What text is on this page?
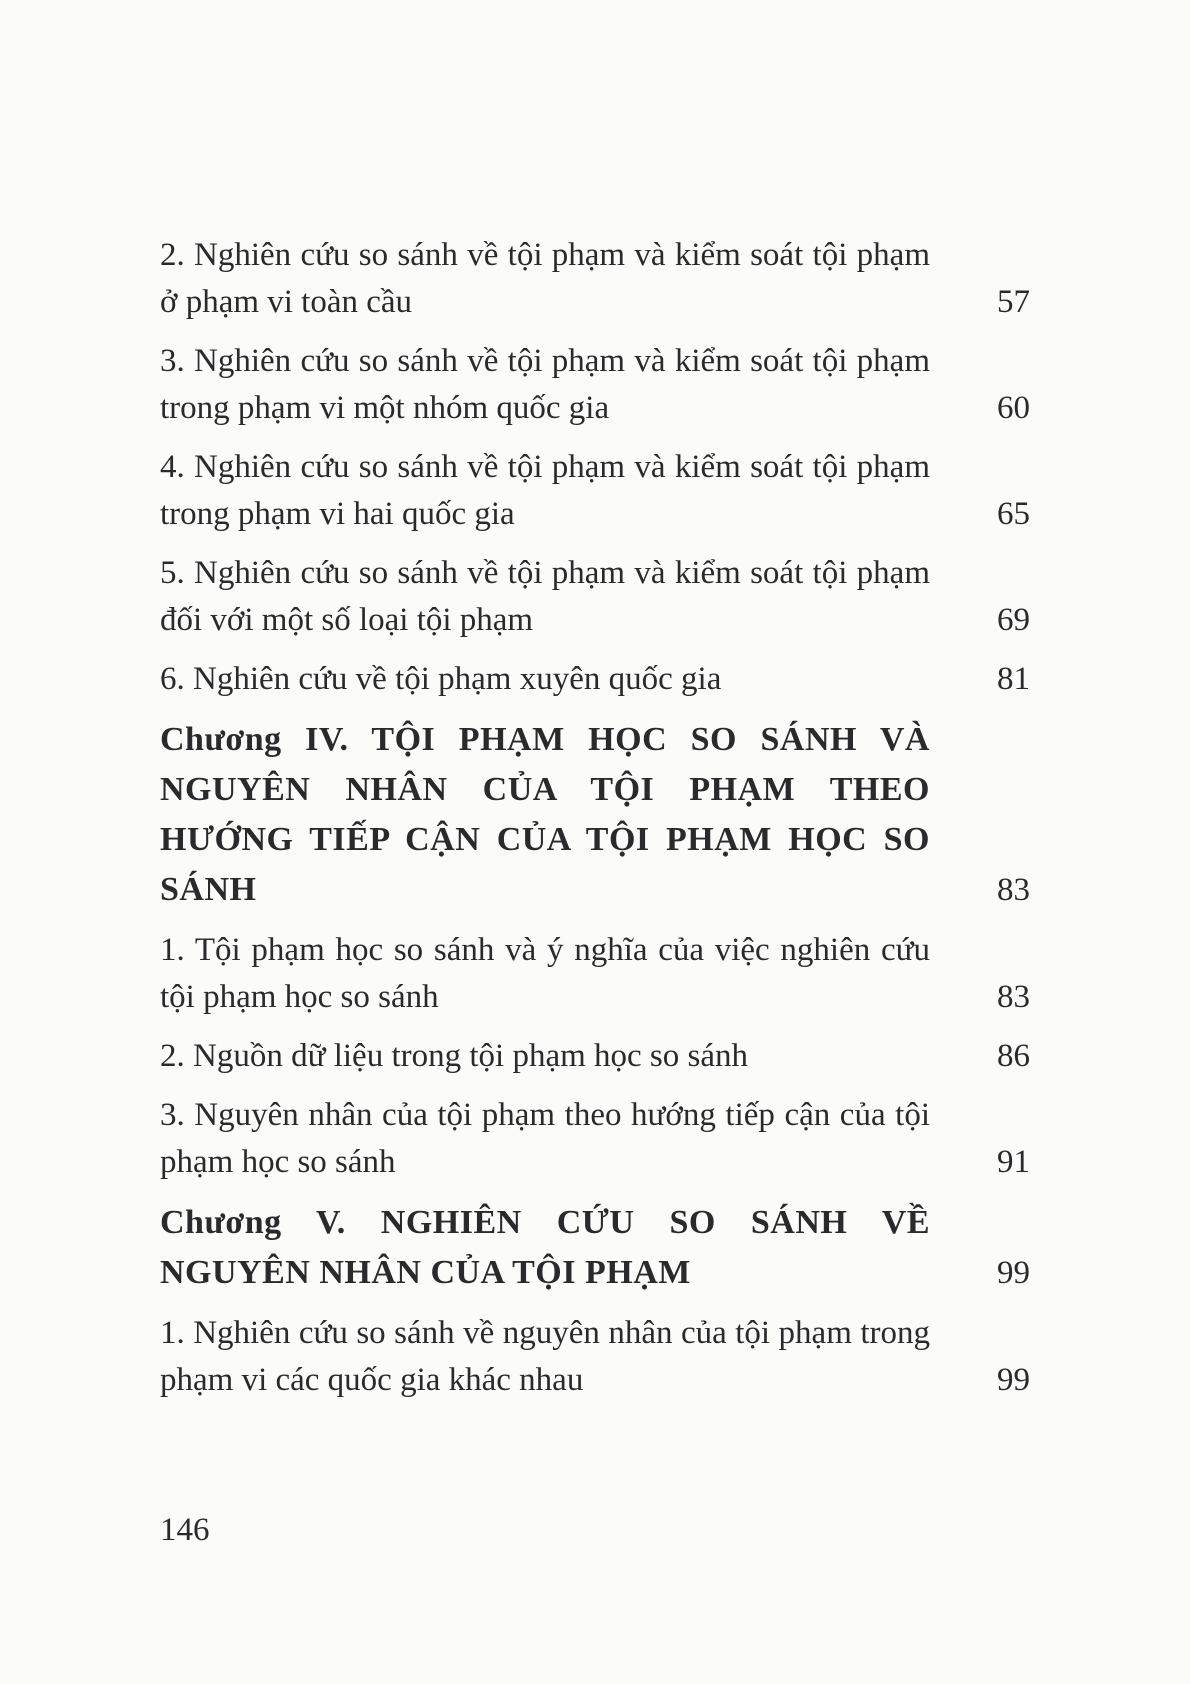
2. Nghiên cứu so sánh về tội phạm và kiểm soát tội phạm ở phạm vi toàn cầu	57
3. Nghiên cứu so sánh về tội phạm và kiểm soát tội phạm trong phạm vi một nhóm quốc gia	60
4. Nghiên cứu so sánh về tội phạm và kiểm soát tội phạm trong phạm vi hai quốc gia	65
5. Nghiên cứu so sánh về tội phạm và kiểm soát tội phạm đối với một số loại tội phạm	69
6. Nghiên cứu về tội phạm xuyên quốc gia	81
Chương IV. TỘI PHẠM HỌC SO SÁNH VÀ NGUYÊN NHÂN CỦA TỘI PHẠM THEO HƯỚNG TIẾP CẬN CỦA TỘI PHẠM HỌC SO SÁNH	83
1. Tội phạm học so sánh và ý nghĩa của việc nghiên cứu tội phạm học so sánh	83
2. Nguồn dữ liệu trong tội phạm học so sánh	86
3. Nguyên nhân của tội phạm theo hướng tiếp cận của tội phạm học so sánh	91
Chương V. NGHIÊN CỨU SO SÁNH VỀ NGUYÊN NHÂN CỦA TỘI PHẠM	99
1. Nghiên cứu so sánh về nguyên nhân của tội phạm trong phạm vi các quốc gia khác nhau	99
146
